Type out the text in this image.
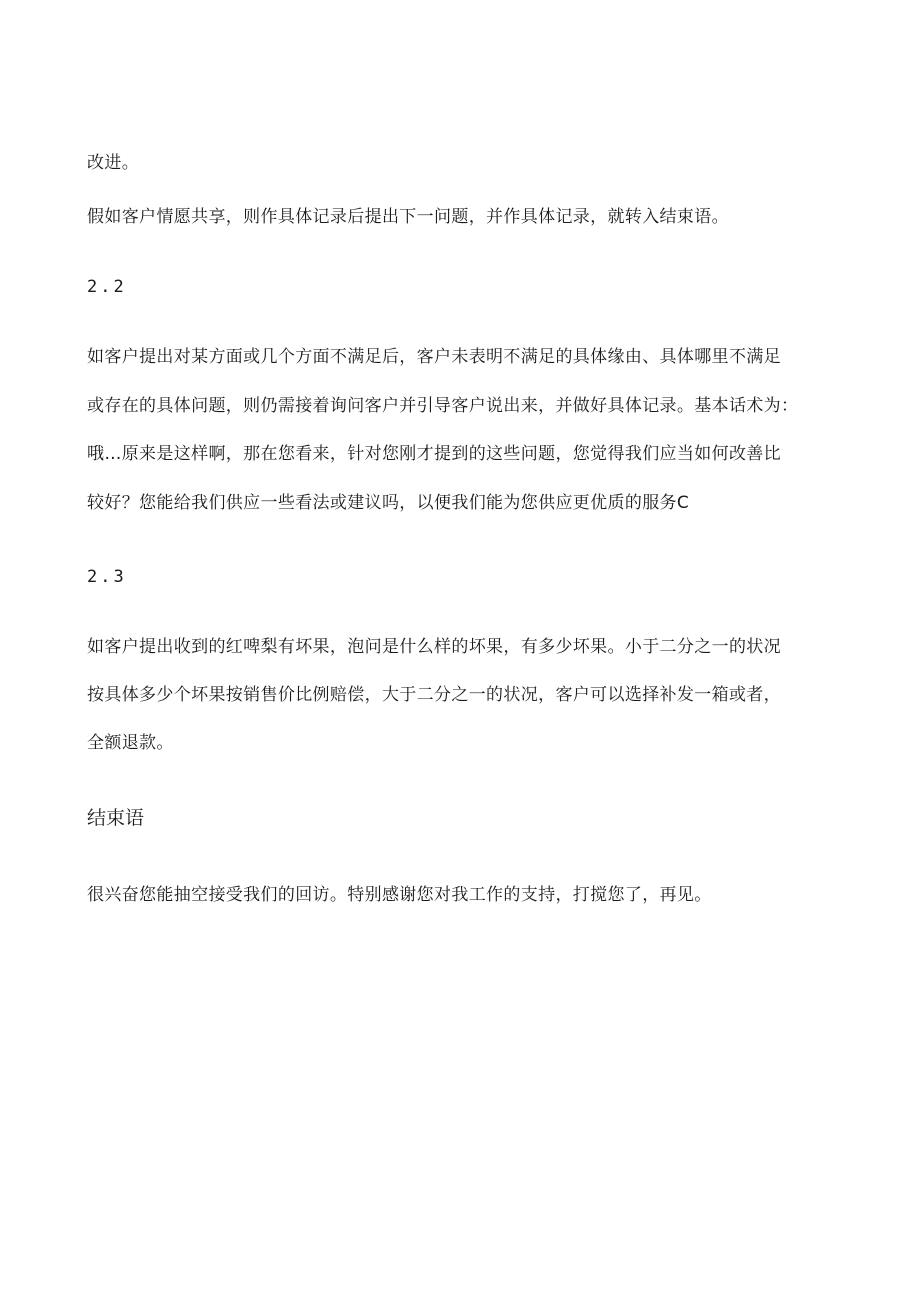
改进。
假如客户情愿共享，则作具体记录后提出下一问题，并作具体记录，就转入结束语。
2.2
如客户提出对某方面或几个方面不满足后，客户未表明不满足的具体缘由、具体哪里不满足
或存在的具体问题，则仍需接着询问客户并引导客户说出来，并做好具体记录。基本话术为：
哦…原来是这样啊，那在您看来，针对您刚才提到的这些问题，您觉得我们应当如何改善比
较好？您能给我们供应一些看法或建议吗，以便我们能为您供应更优质的服务C
2.3
如客户提出收到的红啤梨有坏果，泡问是什么样的坏果，有多少坏果。小于二分之一的状况
按具体多少个坏果按销售价比例赔偿，大于二分之一的状况，客户可以选择补发一箱或者，
全额退款。
结束语
很兴奋您能抽空接受我们的回访。特别感谢您对我工作的支持，打搅您了，再见。
